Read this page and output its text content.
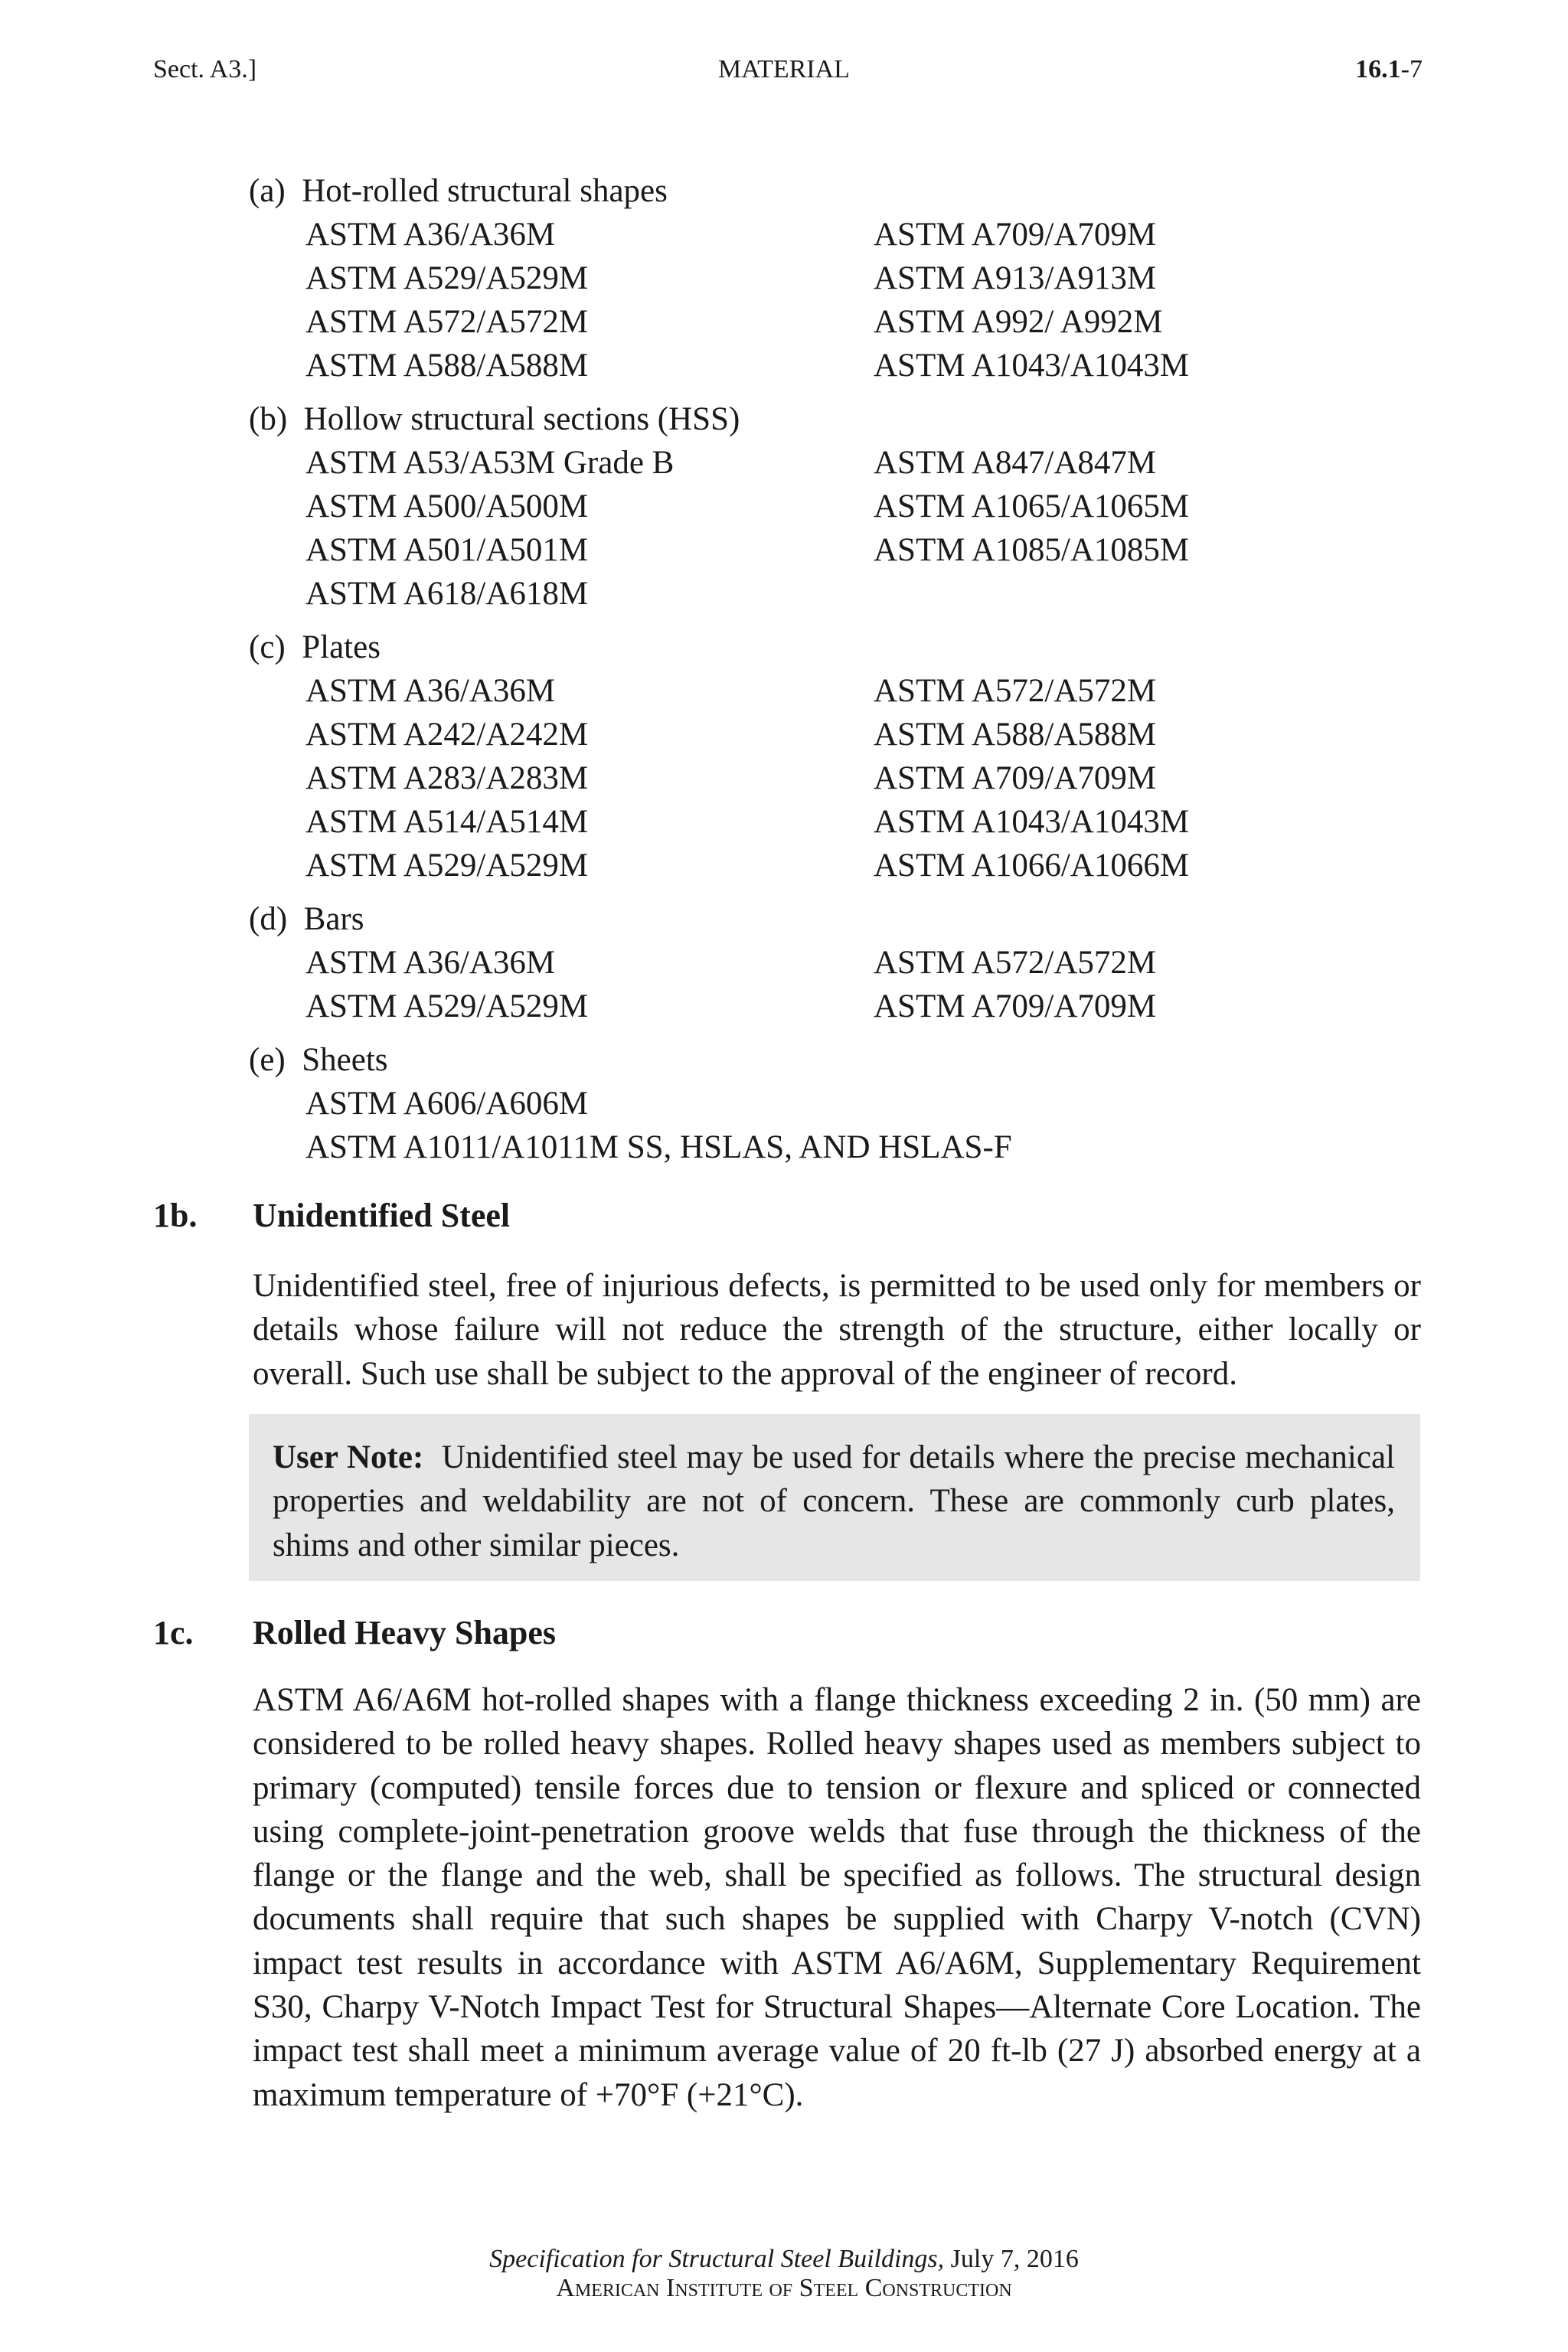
Sect. A3.]	MATERIAL	16.1-7
(a) Hot-rolled structural shapes
ASTM A36/A36M
ASTM A529/A529M
ASTM A572/A572M
ASTM A588/A588M
ASTM A709/A709M
ASTM A913/A913M
ASTM A992/ A992M
ASTM A1043/A1043M
(b) Hollow structural sections (HSS)
ASTM A53/A53M Grade B
ASTM A500/A500M
ASTM A501/A501M
ASTM A618/A618M
ASTM A847/A847M
ASTM A1065/A1065M
ASTM A1085/A1085M
(c) Plates
ASTM A36/A36M
ASTM A242/A242M
ASTM A283/A283M
ASTM A514/A514M
ASTM A529/A529M
ASTM A572/A572M
ASTM A588/A588M
ASTM A709/A709M
ASTM A1043/A1043M
ASTM A1066/A1066M
(d) Bars
ASTM A36/A36M
ASTM A529/A529M
ASTM A572/A572M
ASTM A709/A709M
(e) Sheets
ASTM A606/A606M
ASTM A1011/A1011M SS, HSLAS, AND HSLAS-F
1b. Unidentified Steel
Unidentified steel, free of injurious defects, is permitted to be used only for members or details whose failure will not reduce the strength of the structure, either locally or overall. Such use shall be subject to the approval of the engineer of record.
User Note: Unidentified steel may be used for details where the precise mechanical properties and weldability are not of concern. These are commonly curb plates, shims and other similar pieces.
1c. Rolled Heavy Shapes
ASTM A6/A6M hot-rolled shapes with a flange thickness exceeding 2 in. (50 mm) are considered to be rolled heavy shapes. Rolled heavy shapes used as members subject to primary (computed) tensile forces due to tension or flexure and spliced or connected using complete-joint-penetration groove welds that fuse through the thickness of the flange or the flange and the web, shall be specified as follows. The structural design documents shall require that such shapes be supplied with Charpy V-notch (CVN) impact test results in accordance with ASTM A6/A6M, Supplementary Requirement S30, Charpy V-Notch Impact Test for Structural Shapes—Alternate Core Location. The impact test shall meet a minimum average value of 20 ft-lb (27 J) absorbed energy at a maximum temperature of +70°F (+21°C).
Specification for Structural Steel Buildings, July 7, 2016
American Institute of Steel Construction
